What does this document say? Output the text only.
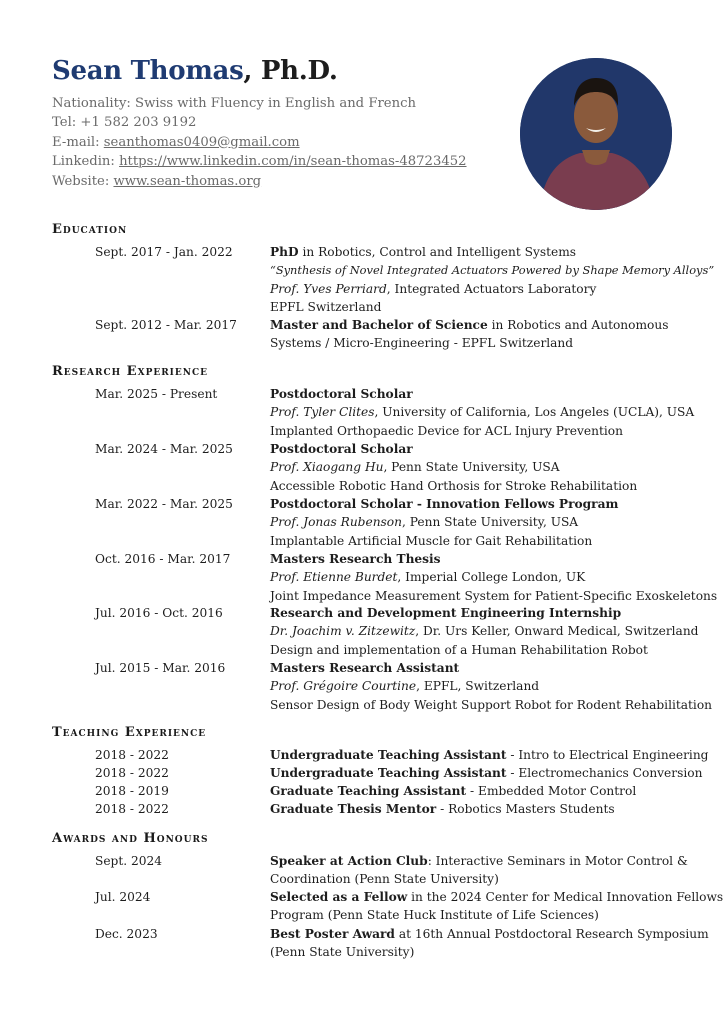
Sean Thomas, Ph.D.
Nationality: Swiss with Fluency in English and French
Tel: +1 582 203 9192
E-mail: seanthomas0409@gmail.com
Linkedin: https://www.linkedin.com/in/sean-thomas-48723452
Website: www.sean-thomas.org
Education
Sept. 2017 - Jan. 2022	PhD in Robotics, Control and Intelligent Systems
“Synthesis of Novel Integrated Actuators Powered by Shape Memory Alloys”
Prof. Yves Perriard, Integrated Actuators Laboratory
EPFL Switzerland
Sept. 2012 - Mar. 2017	Master and Bachelor of Science in Robotics and Autonomous
Systems / Micro-Engineering - EPFL Switzerland
Research Experience
Mar. 2025 - Present	Postdoctoral Scholar
Prof. Tyler Clites, University of California, Los Angeles (UCLA), USA
Implanted Orthopaedic Device for ACL Injury Prevention
Mar. 2024 - Mar. 2025	Postdoctoral Scholar
Prof. Xiaogang Hu, Penn State University, USA
Accessible Robotic Hand Orthosis for Stroke Rehabilitation
Mar. 2022 - Mar. 2025	Postdoctoral Scholar - Innovation Fellows Program
Prof. Jonas Rubenson, Penn State University, USA
Implantable Artificial Muscle for Gait Rehabilitation
Oct. 2016 - Mar. 2017	Masters Research Thesis
Prof. Etienne Burdet, Imperial College London, UK
Joint Impedance Measurement System for Patient-Specific Exoskeletons
Jul. 2016 - Oct. 2016	Research and Development Engineering Internship
Dr. Joachim v. Zitzewitz, Dr. Urs Keller, Onward Medical, Switzerland
Design and implementation of a Human Rehabilitation Robot
Jul. 2015 - Mar. 2016	Masters Research Assistant
Prof. Grégoire Courtine, EPFL, Switzerland
Sensor Design of Body Weight Support Robot for Rodent Rehabilitation
Teaching Experience
2018 - 2022	Undergraduate Teaching Assistant - Intro to Electrical Engineering
2018 - 2022	Undergraduate Teaching Assistant - Electromechanics Conversion
2018 - 2019	Graduate Teaching Assistant - Embedded Motor Control
2018 - 2022	Graduate Thesis Mentor - Robotics Masters Students
Awards and Honours
Sept. 2024	Speaker at Action Club: Interactive Seminars in Motor Control &
Coordination (Penn State University)
Jul. 2024	Selected as a Fellow in the 2024 Center for Medical Innovation Fellows
Program (Penn State Huck Institute of Life Sciences)
Dec. 2023	Best Poster Award at 16th Annual Postdoctoral Research Symposium
(Penn State University)
